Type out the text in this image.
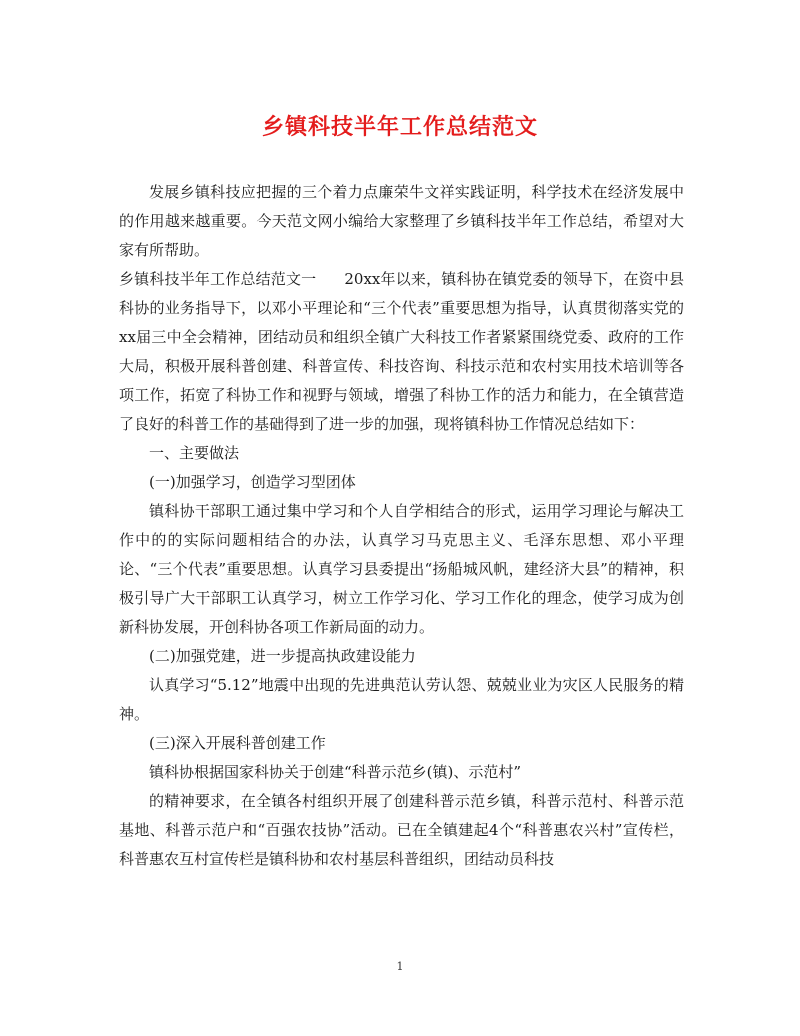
乡镇科技半年工作总结范文

发展乡镇科技应把握的三个着力点廉荣牛文祥实践证明，科学技术在经济发展中的作用越来越重要。今天范文网小编给大家整理了乡镇科技半年工作总结，希望对大家有所帮助。

乡镇科技半年工作总结范文一 20xx年以来，镇科协在镇党委的领导下，在资中县科协的业务指导下，以邓小平理论和“三个代表”重要思想为指导，认真贯彻落实党的xx届三中全会精神，团结动员和组织全镇广大科技工作者紧紧围绕党委、政府的工作大局，积极开展科普创建、科普宣传、科技咨询、科技示范和农村实用技术培训等各项工作，拓宽了科协工作和视野与领域，增强了科协工作的活力和能力，在全镇营造了良好的科普工作的基础得到了进一步的加强，现将镇科协工作情况总结如下：

一、主要做法

(一)加强学习，创造学习型团体

镇科协干部职工通过集中学习和个人自学相结合的形式，运用学习理论与解决工作中的的实际问题相结合的办法，认真学习马克思主义、毛泽东思想、邓小平理论、“三个代表”重要思想。认真学习县委提出“扬船城风帆，建经济大县”的精神，积极引导广大干部职工认真学习，树立工作学习化、学习工作化的理念，使学习成为创新科协发展，开创科协各项工作新局面的动力。

(二)加强党建，进一步提高执政建设能力

认真学习“5.12”地震中出现的先进典范认劳认怨、兢兢业业为灾区人民服务的精神。

(三)深入开展科普创建工作

镇科协根据国家科协关于创建“科普示范乡(镇)、示范村”

的精神要求，在全镇各村组织开展了创建科普示范乡镇，科普示范村、科普示范基地、科普示范户和“百强农技协”活动。已在全镇建起4个“科普惠农兴村”宣传栏，科普惠农互村宣传栏是镇科协和农村基层科普组织，团结动员科技

1
